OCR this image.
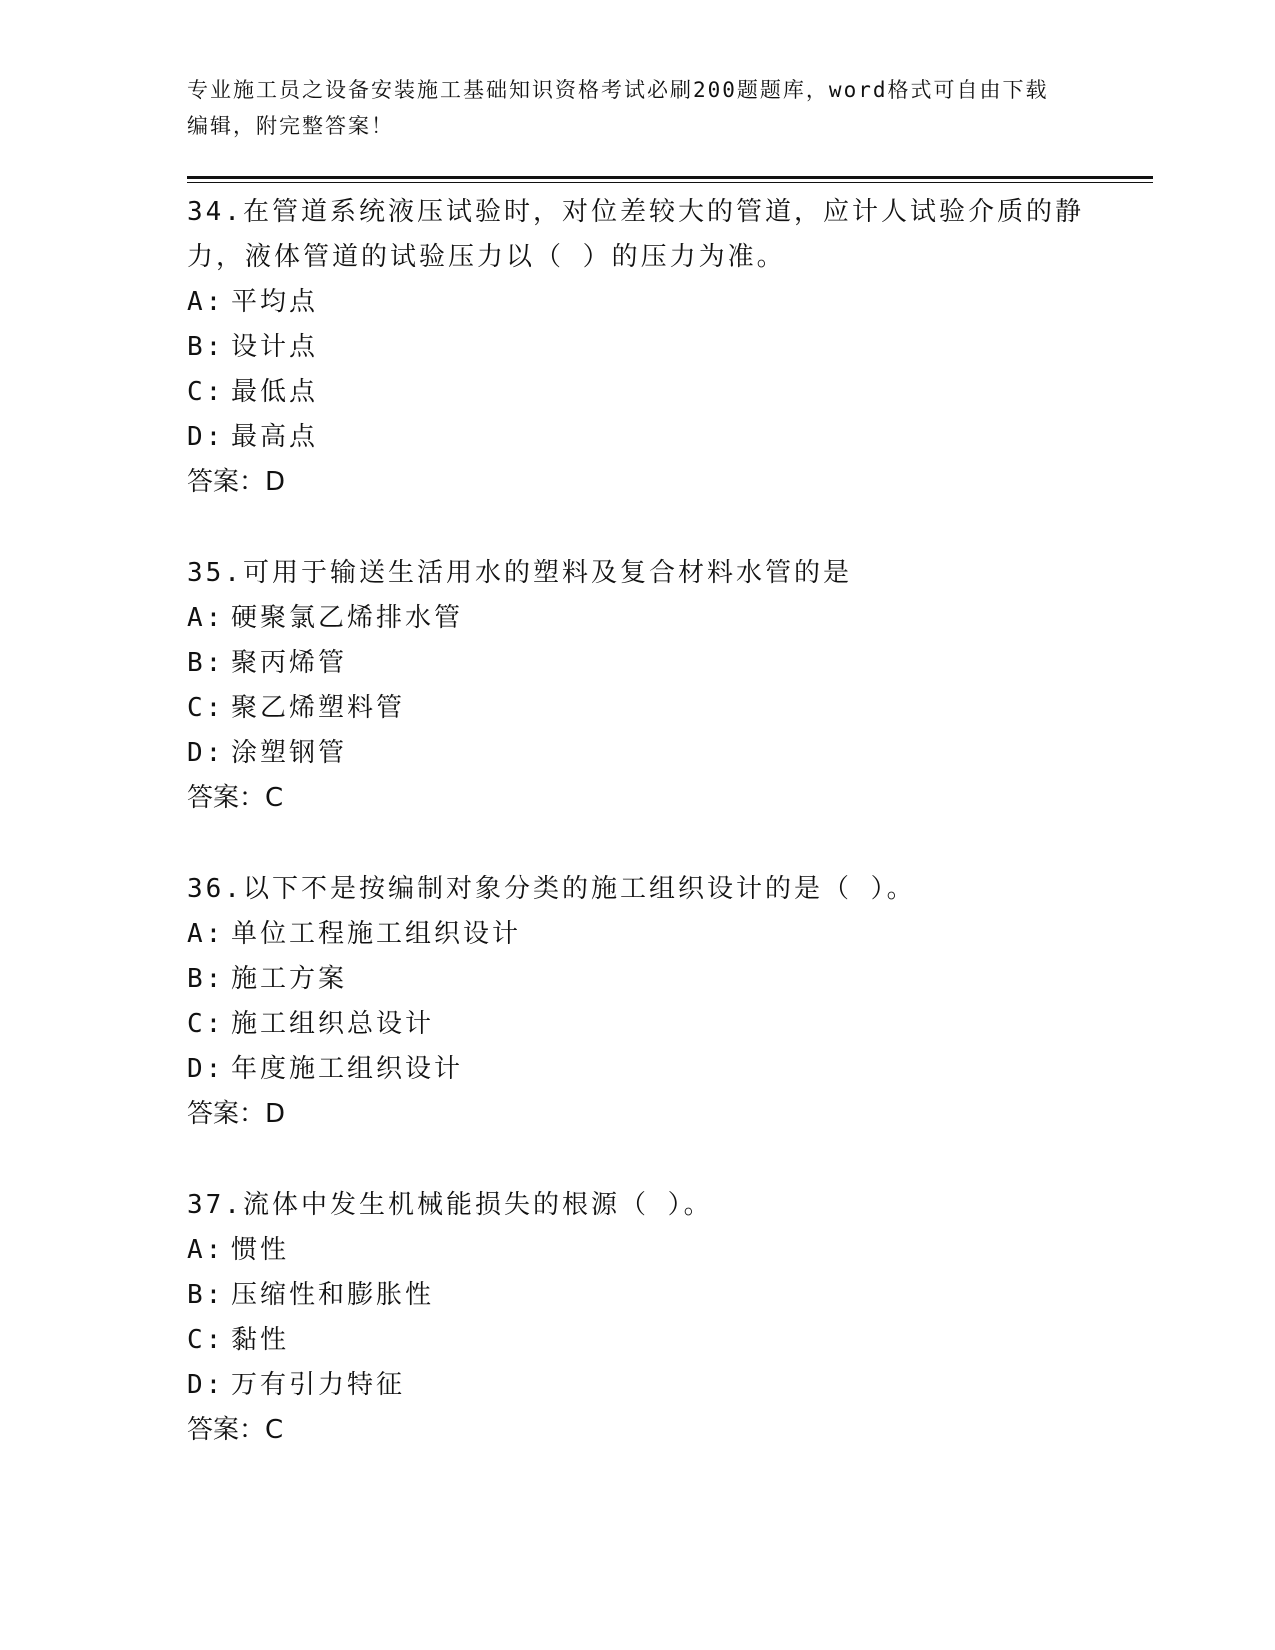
专业施工员之设备安装施工基础知识资格考试必刷200题题库，word格式可自由下载编辑，附完整答案！

34.在管道系统液压试验时，对位差较大的管道，应计人试验介质的静力，液体管道的试验压力以（ ）的压力为准。

A: 平均点

B: 设计点

C: 最低点

D: 最高点

答案：D

35.可用于输送生活用水的塑料及复合材料水管的是

A: 硬聚氯乙烯排水管

B: 聚丙烯管

C: 聚乙烯塑料管

D: 涂塑钢管

答案：C

36.以下不是按编制对象分类的施工组织设计的是（ ）。

A: 单位工程施工组织设计

B: 施工方案

C: 施工组织总设计

D: 年度施工组织设计

答案：D

37.流体中发生机械能损失的根源（ ）。

A: 惯性

B: 压缩性和膨胀性

C: 黏性

D: 万有引力特征

答案：C
